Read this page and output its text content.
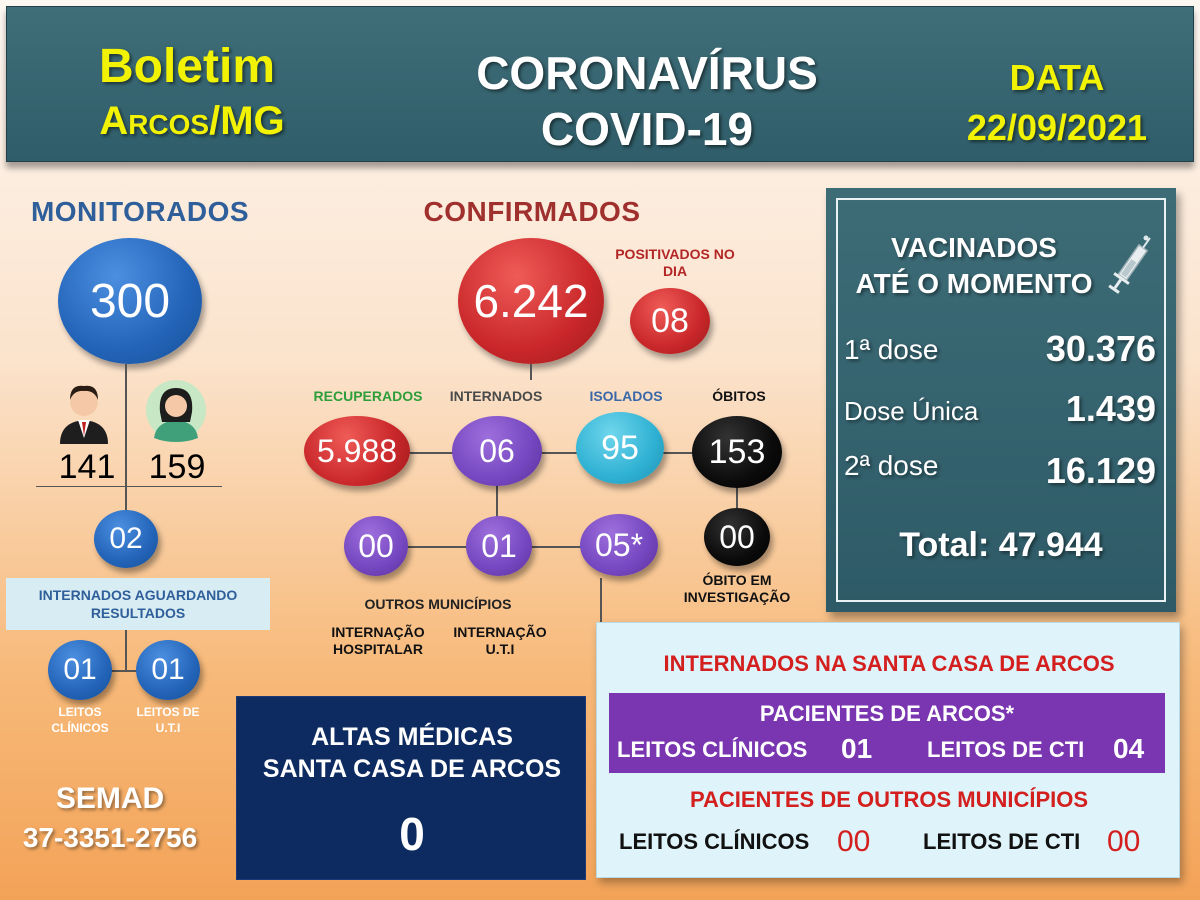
Boletim
Arcos/MG
CORONAVÍRUS
COVID-19
DATA
22/09/2021
MONITORADOS
300
141 159
02
INTERNADOS AGUARDANDO RESULTADOS
01 01
LEITOS CLÍNICOS
LEITOS DE U.T.I
SEMAD
37-3351-2756
CONFIRMADOS
6.242
POSITIVADOS NO DIA
08
RECUPERADOS	INTERNADOS	ISOLADOS	ÓBITOS
5.988	06	95 153
00	01 05* 00
ÓBITO EM INVESTIGAÇÃO
OUTROS MUNICÍPIOS
INTERNAÇÃO HOSPITALAR
INTERNAÇÃO U.T.I
VACINADOS
ATÉ O MOMENTO
1ª dose	30.376
Dose Única	1.439
2ª dose	16.129
Total: 47.944
ALTAS MÉDICAS
SANTA CASA DE ARCOS
0
INTERNADOS NA SANTA CASA DE ARCOS
PACIENTES DE ARCOS*
LEITOS CLÍNICOS 01 LEITOS DE CTI 04
PACIENTES DE OUTROS MUNICÍPIOS
LEITOS CLÍNICOS 00 LEITOS DE CTI 00
